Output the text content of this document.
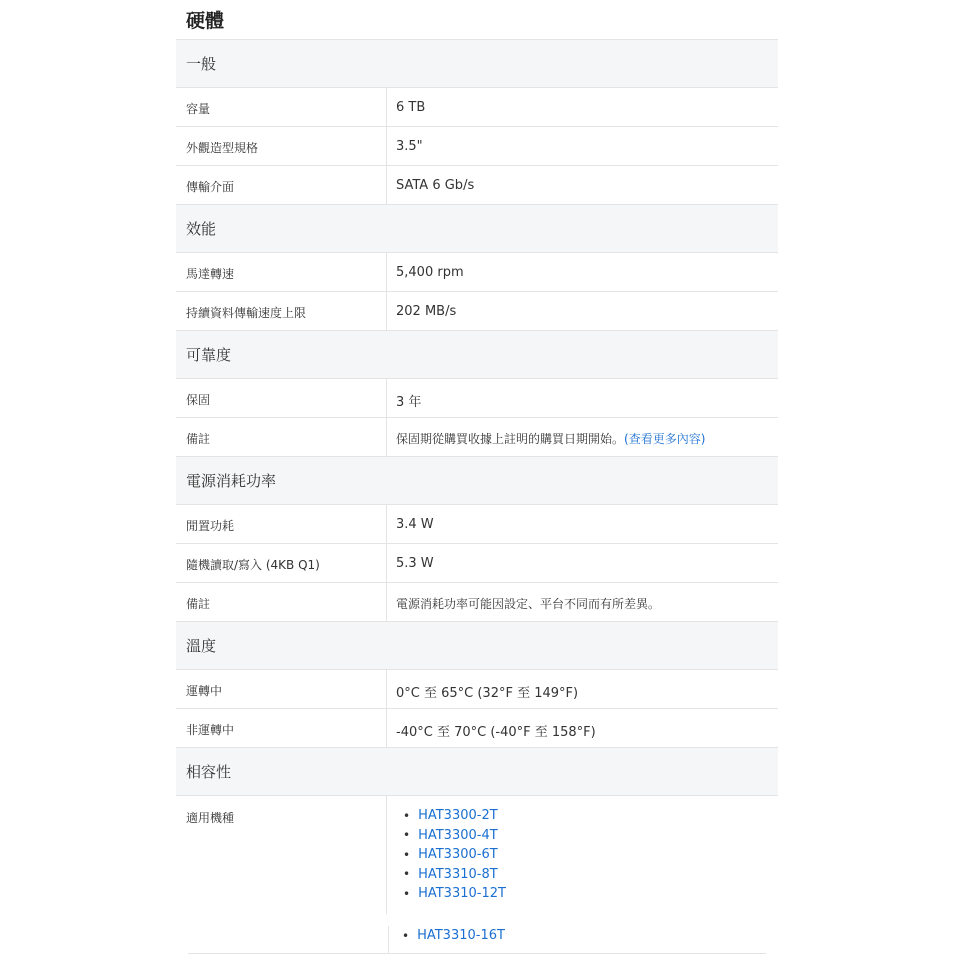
硬體
一般
容量	6 TB
外觀造型規格	3.5"
傳輸介面	SATA 6 Gb/s
效能
馬達轉速	5,400 rpm
持續資料傳輸速度上限	202 MB/s
可靠度
保固	3 年
備註	保固期從購買收據上註明的購買日期開始。(查看更多內容)
電源消耗功率
閒置功耗	3.4 W
隨機讀取/寫入 (4KB Q1)	5.3 W
備註	電源消耗功率可能因設定、平台不同而有所差異。
溫度
運轉中	0°C 至 65°C (32°F 至 149°F)
非運轉中	-40°C 至 70°C (-40°F 至 158°F)
相容性
適用機種	• HAT3300-2T
• HAT3300-4T
• HAT3300-6T
• HAT3310-8T
• HAT3310-12T
• HAT3310-16T
